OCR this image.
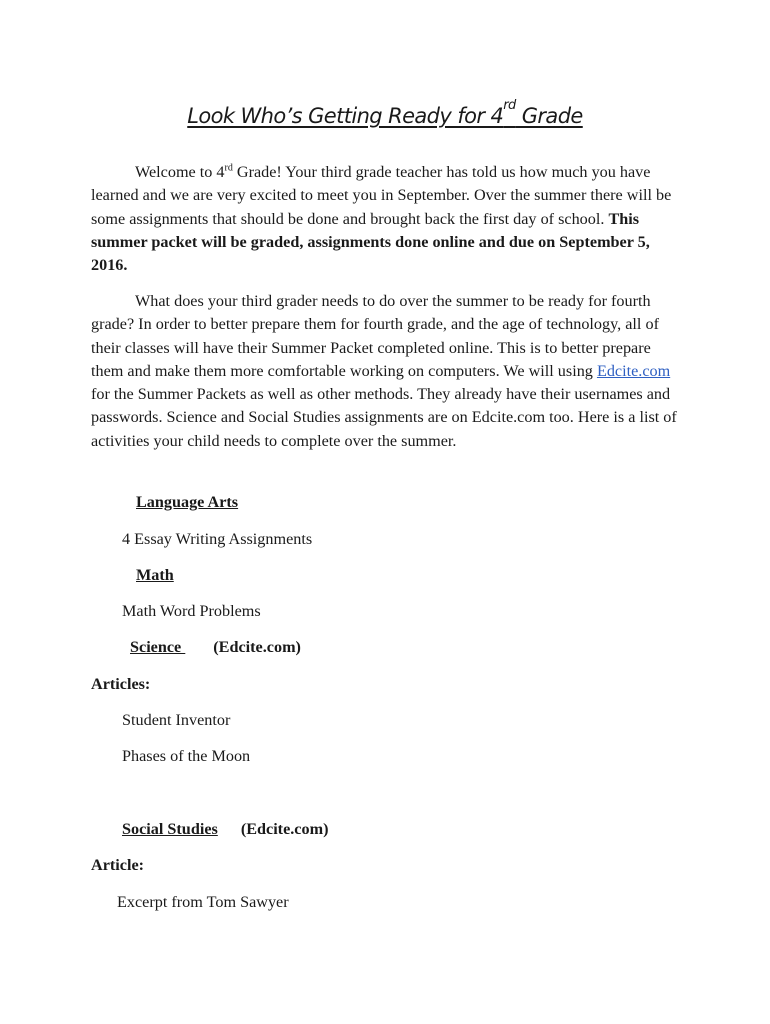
Look Who’s Getting Ready for 4rd Grade

Welcome to 4rd Grade! Your third grade teacher has told us how much you have learned and we are very excited to meet you in September. Over the summer there will be some assignments that should be done and brought back the first day of school. This summer packet will be graded, assignments done online and due on September 5, 2016.

What does your third grader needs to do over the summer to be ready for fourth grade? In order to better prepare them for fourth grade, and the age of technology, all of their classes will have their Summer Packet completed online. This is to better prepare them and make them more comfortable working on computers. We will using Edcite.com for the Summer Packets as well as other methods. They already have their usernames and passwords. Science and Social Studies assignments are on Edcite.com too. Here is a list of activities your child needs to complete over the summer.

Language Arts
4 Essay Writing Assignments
Math
Math Word Problems
Science (Edcite.com)
Articles:
Student Inventor
Phases of the Moon
Social Studies (Edcite.com)
Article:
Excerpt from Tom Sawyer
